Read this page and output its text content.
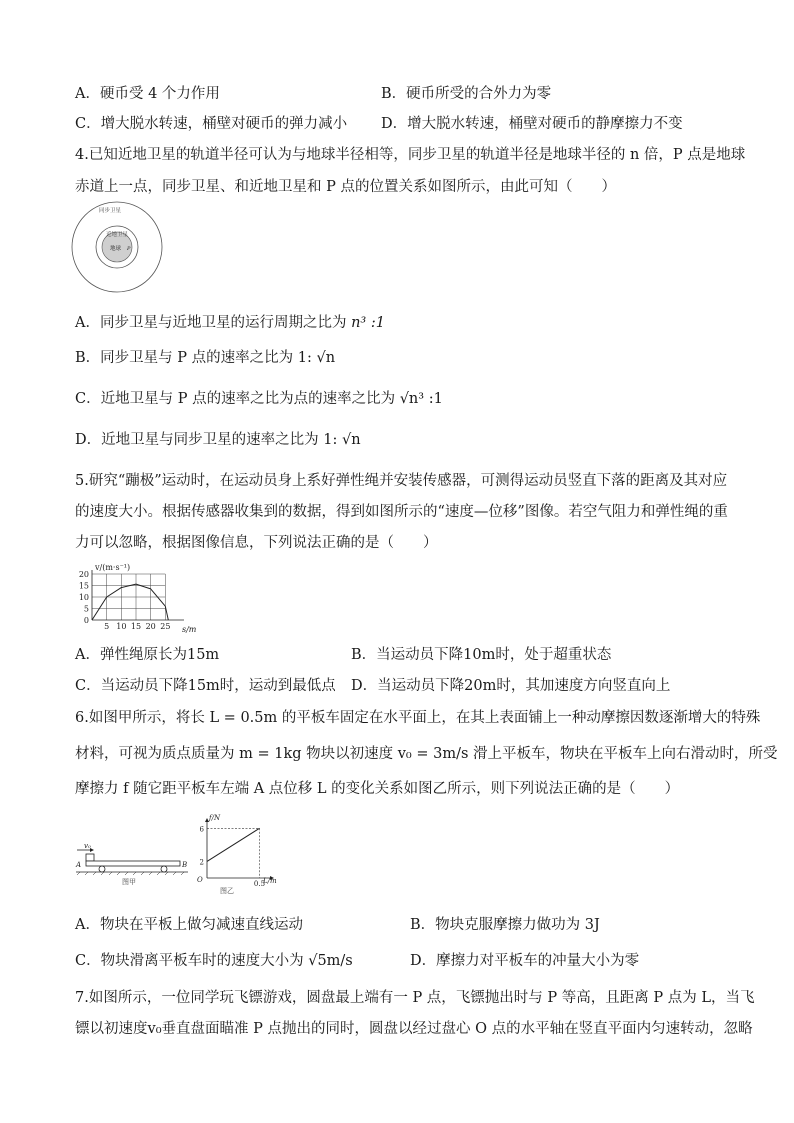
A．硬币受 4 个力作用	B．硬币所受的合外力为零
C．增大脱水转速，桶壁对硬币的弹力减小 D．增大脱水转速，桶壁对硬币的静摩擦力不变
4.已知近地卫星的轨道半径可认为与地球半径相等，同步卫星的轨道半径是地球半径的 n 倍，P 点是地球
赤道上一点，同步卫星、和近地卫星和 P 点的位置关系如图所示，由此可知（　　）
同步卫星
近地卫星
地球 P
A．同步卫星与近地卫星的运行周期之比为 n³ :1
B．同步卫星与 P 点的速率之比为 1: √n
C．近地卫星与 P 点的速率之比为点的速率之比为 √n³ :1
D．近地卫星与同步卫星的速率之比为 1: √n
5.研究“蹦极”运动时，在运动员身上系好弹性绳并安装传感器，可测得运动员竖直下落的距离及其对应
的速度大小。根据传感器收集到的数据，得到如图所示的“速度—位移”图像。若空气阻力和弹性绳的重
力可以忽略，根据图像信息，下列说法正确的是（　　）
5 10 15 20 25
0
5
10
15
20
v/(m·s⁻¹)
s/m
A．弹性绳原长为15m	B．当运动员下降10m时，处于超重状态
C．当运动员下降15m时，运动到最低点 D．当运动员下降20m时，其加速度方向竖直向上
6.如图甲所示，将长 L = 0.5m 的平板车固定在水平面上，在其上表面铺上一种动摩擦因数逐渐增大的特殊
材料，可视为质点质量为 m = 1kg 物块以初速度 v₀ = 3m/s 滑上平板车，物块在平板车上向右滑动时，所受
摩擦力 f 随它距平板车左端 A 点位移 L 的变化关系如图乙所示，则下列说法正确的是（　　）
v₀
A	B
图甲
2
6
0.5
f/N
L/m
O
图乙
A．物块在平板上做匀减速直线运动	B．物块克服摩擦力做功为 3J
C．物块滑离平板车时的速度大小为 √5m/s	D．摩擦力对平板车的冲量大小为零
7.如图所示，一位同学玩飞镖游戏，圆盘最上端有一 P 点，飞镖抛出时与 P 等高，且距离 P 点为 L，当飞
镖以初速度v₀垂直盘面瞄准 P 点抛出的同时，圆盘以经过盘心 O 点的水平轴在竖直平面内匀速转动，忽略
